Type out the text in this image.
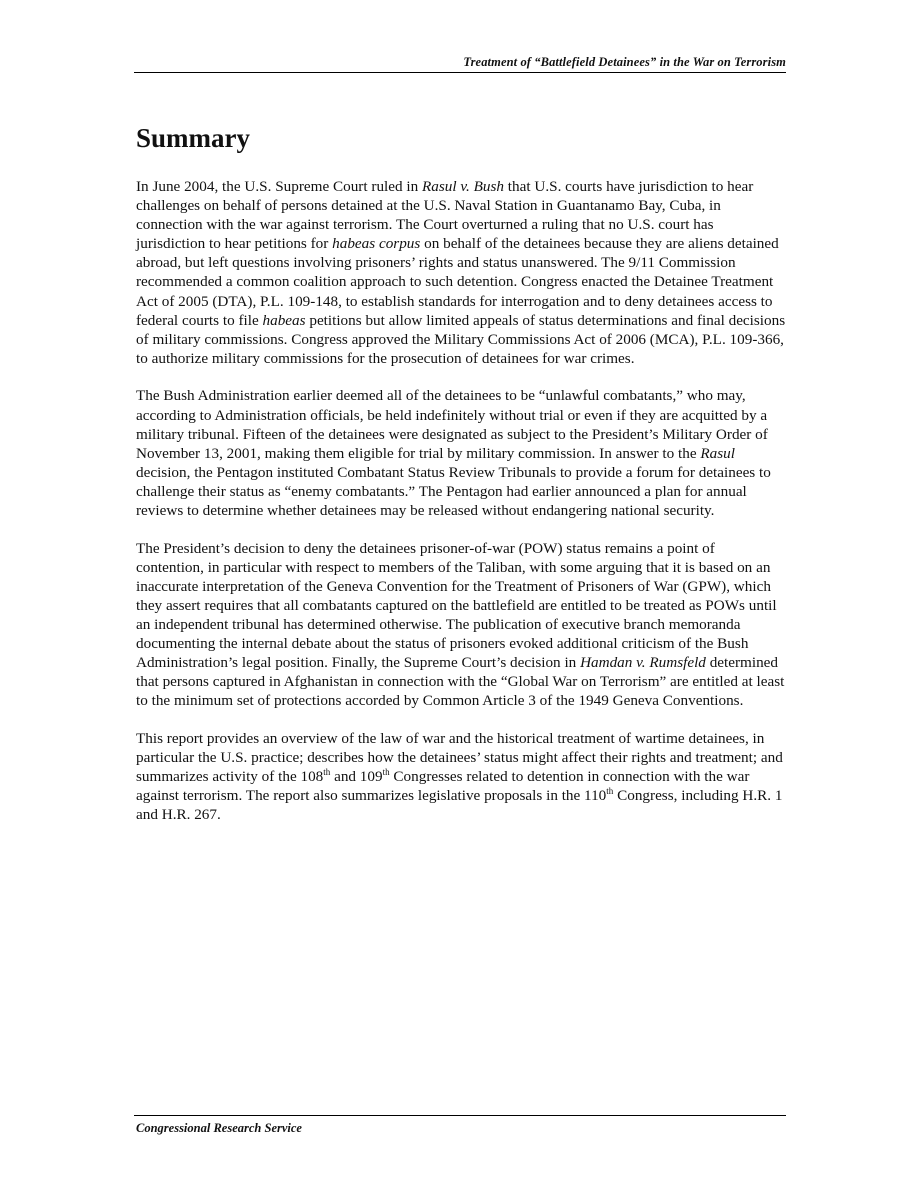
Treatment of “Battlefield Detainees” in the War on Terrorism
Summary

In June 2004, the U.S. Supreme Court ruled in Rasul v. Bush that U.S. courts have jurisdiction to hear challenges on behalf of persons detained at the U.S. Naval Station in Guantanamo Bay, Cuba, in connection with the war against terrorism. The Court overturned a ruling that no U.S. court has jurisdiction to hear petitions for habeas corpus on behalf of the detainees because they are aliens detained abroad, but left questions involving prisoners’ rights and status unanswered. The 9/11 Commission recommended a common coalition approach to such detention. Congress enacted the Detainee Treatment Act of 2005 (DTA), P.L. 109-148, to establish standards for interrogation and to deny detainees access to federal courts to file habeas petitions but allow limited appeals of status determinations and final decisions of military commissions. Congress approved the Military Commissions Act of 2006 (MCA), P.L. 109-366, to authorize military commissions for the prosecution of detainees for war crimes.

The Bush Administration earlier deemed all of the detainees to be “unlawful combatants,” who may, according to Administration officials, be held indefinitely without trial or even if they are acquitted by a military tribunal. Fifteen of the detainees were designated as subject to the President’s Military Order of November 13, 2001, making them eligible for trial by military commission. In answer to the Rasul decision, the Pentagon instituted Combatant Status Review Tribunals to provide a forum for detainees to challenge their status as “enemy combatants.” The Pentagon had earlier announced a plan for annual reviews to determine whether detainees may be released without endangering national security.

The President’s decision to deny the detainees prisoner-of-war (POW) status remains a point of contention, in particular with respect to members of the Taliban, with some arguing that it is based on an inaccurate interpretation of the Geneva Convention for the Treatment of Prisoners of War (GPW), which they assert requires that all combatants captured on the battlefield are entitled to be treated as POWs until an independent tribunal has determined otherwise. The publication of executive branch memoranda documenting the internal debate about the status of prisoners evoked additional criticism of the Bush Administration’s legal position. Finally, the Supreme Court’s decision in Hamdan v. Rumsfeld determined that persons captured in Afghanistan in connection with the “Global War on Terrorism” are entitled at least to the minimum set of protections accorded by Common Article 3 of the 1949 Geneva Conventions.

This report provides an overview of the law of war and the historical treatment of wartime detainees, in particular the U.S. practice; describes how the detainees’ status might affect their rights and treatment; and summarizes activity of the 108th and 109th Congresses related to detention in connection with the war against terrorism. The report also summarizes legislative proposals in the 110th Congress, including H.R. 1 and H.R. 267.

Congressional Research Service
